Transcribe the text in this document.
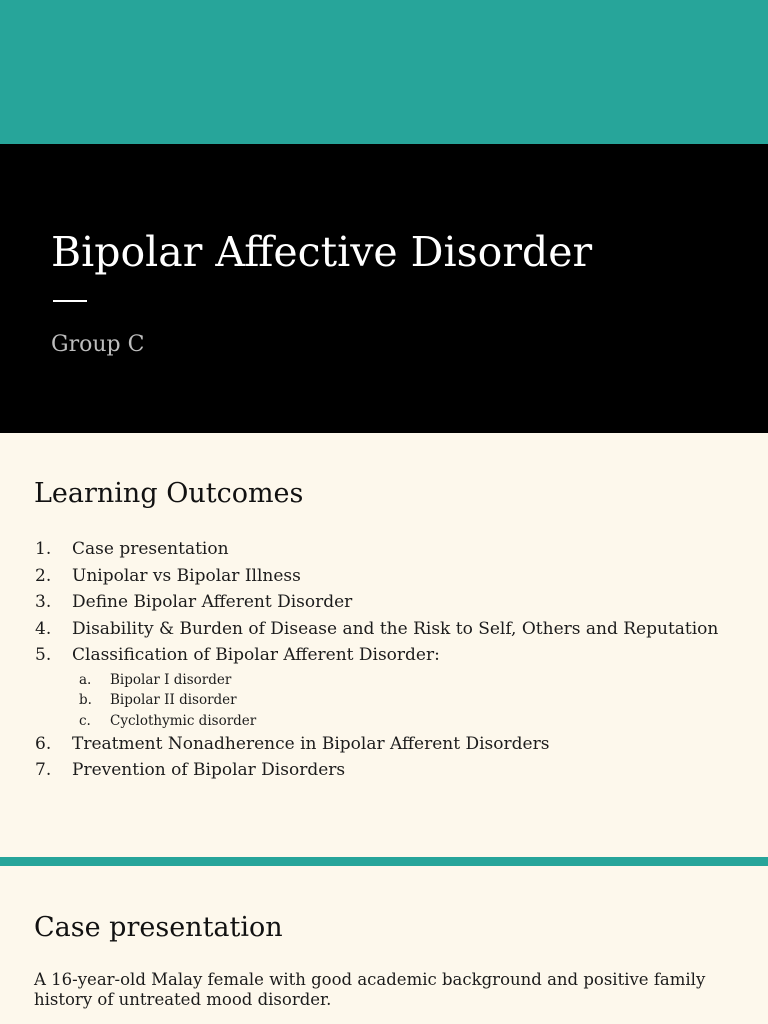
Bipolar Affective Disorder
Group C
Learning Outcomes
1.	Case presentation
2.	Unipolar vs Bipolar Illness
3.	Define Bipolar Afferent Disorder
4.	Disability & Burden of Disease and the Risk to Self, Others and Reputation
5.	Classification of Bipolar Afferent Disorder:
a.	Bipolar I disorder
b.	Bipolar II disorder
c.	Cyclothymic disorder
6.	Treatment Nonadherence in Bipolar Afferent Disorders
7.	Prevention of Bipolar Disorders
Case presentation
A 16-year-old Malay female with good academic background and positive family history of untreated mood disorder.
